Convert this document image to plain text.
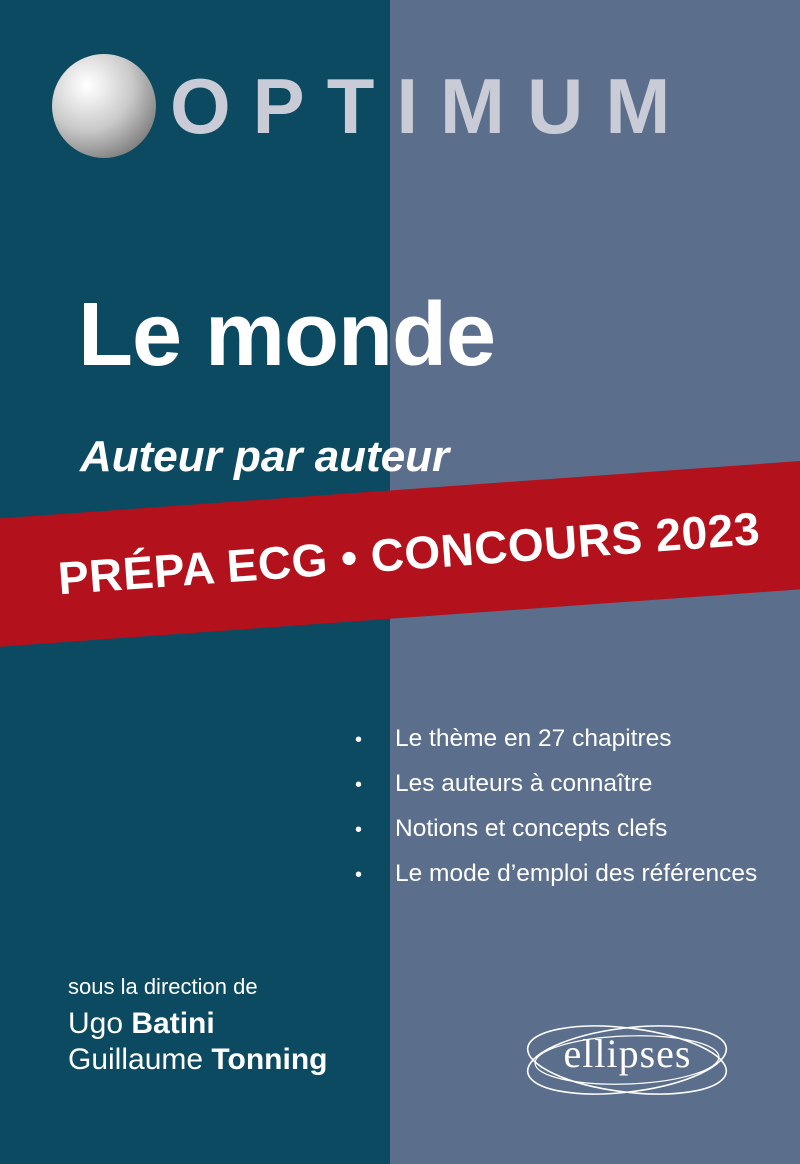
OPTIMUM
Le monde
Auteur par auteur
PRÉPA ECG • CONCOURS 2023
•	Le thème en 27 chapitres
•	Les auteurs à connaître
•	Notions et concepts clefs
•	Le mode d’emploi des références
sous la direction de
Ugo Batini
Guillaume Tonning	ellipses
